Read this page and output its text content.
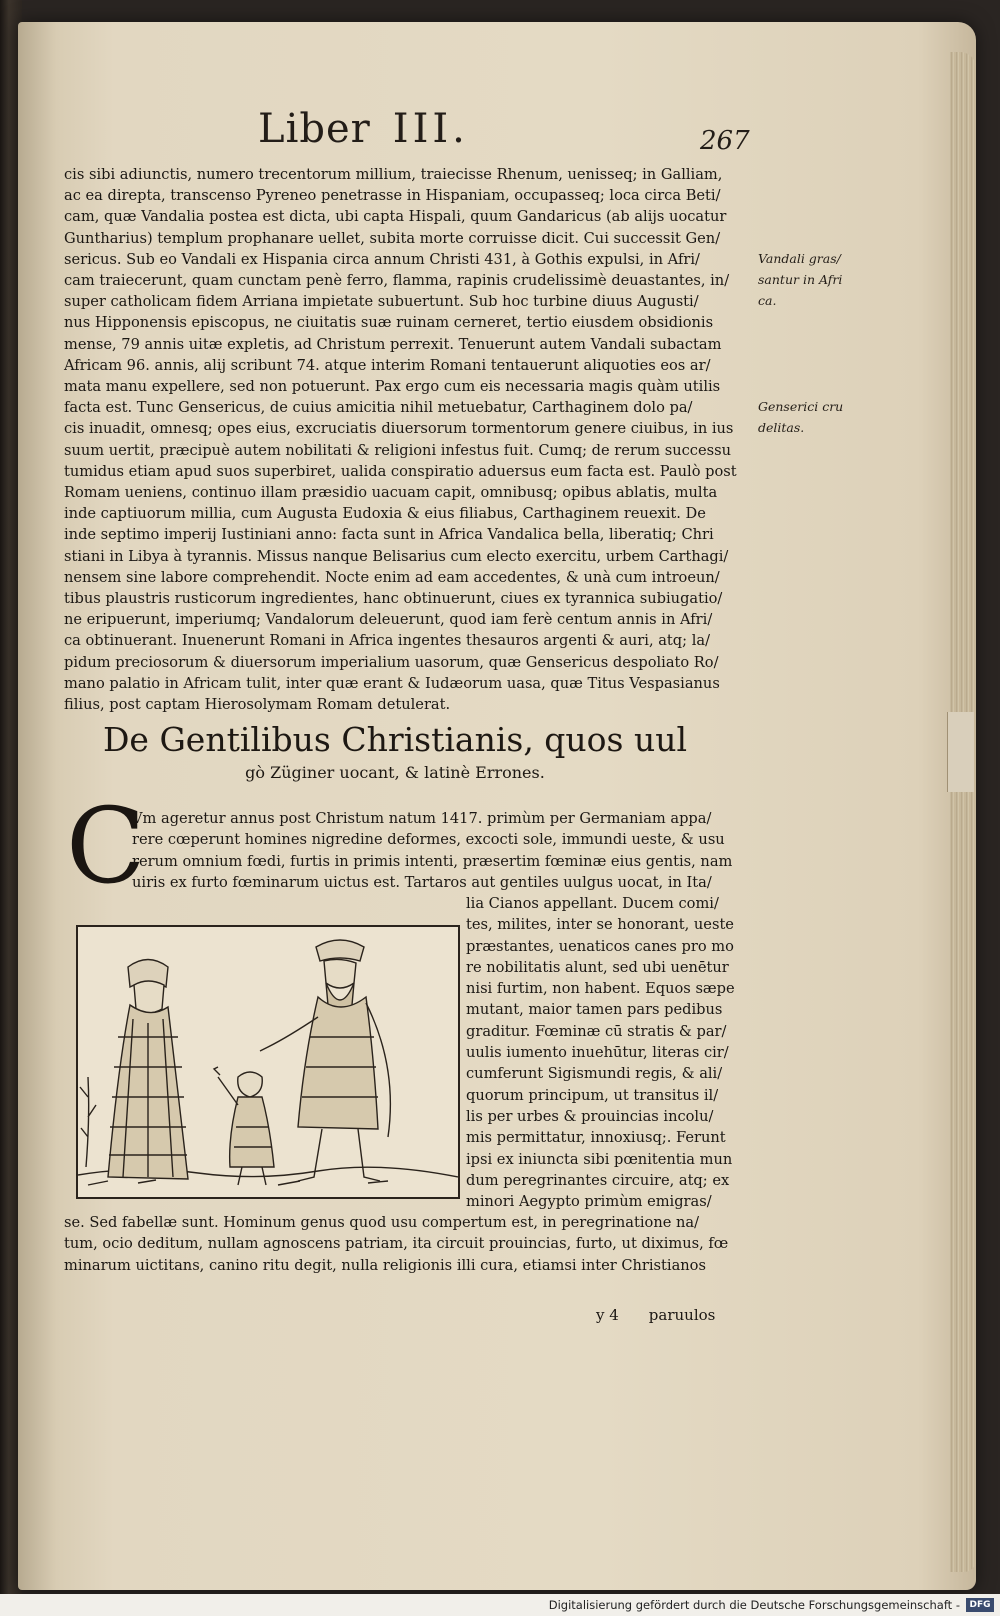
Liber III.	267
cis sibi adiunctis, numero trecentorum millium, traiecisse Rhenum, uenisseq; in Galliam,
ac ea direpta, transcenso Pyreneo penetrasse in Hispaniam, occupasseq; loca circa Beti/
cam, quæ Vandalia postea est dicta, ubi capta Hispali, quum Gandaricus (ab alijs uocatur
Guntharius) templum prophanare uellet, subita morte corruisse dicit. Cui successit Gen/
sericus. Sub eo Vandali ex Hispania circa annum Christi 431, à Gothis expulsi, in Afri/
cam traiecerunt, quam cunctam penè ferro, flamma, rapinis crudelissimè deuastantes, in/
super catholicam fidem Arriana impietate subuertunt. Sub hoc turbine diuus Augusti/
nus Hipponensis episcopus, ne ciuitatis suæ ruinam cerneret, tertio eiusdem obsidionis
mense, 79 annis uitæ expletis, ad Christum perrexit. Tenuerunt autem Vandali subactam
Africam 96. annis, alij scribunt 74. atque interim Romani tentauerunt aliquoties eos ar/
mata manu expellere, sed non potuerunt. Pax ergo cum eis necessaria magis quàm utilis
facta est. Tunc Gensericus, de cuius amicitia nihil metuebatur, Carthaginem dolo pa/
cis inuadit, omnesq; opes eius, excruciatis diuersorum tormentorum genere ciuibus, in ius
suum uertit, præcipuè autem nobilitati & religioni infestus fuit. Cumq; de rerum successu
tumidus etiam apud suos superbiret, ualida conspiratio aduersus eum facta est. Paulò post
Romam ueniens, continuo illam præsidio uacuam capit, omnibusq; opibus ablatis, multa
inde captiuorum millia, cum Augusta Eudoxia & eius filiabus, Carthaginem reuexit. De
inde septimo imperij Iustiniani anno: facta sunt in Africa Vandalica bella, liberatiq; Chri
stiani in Libya à tyrannis. Missus nanque Belisarius cum electo exercitu, urbem Carthagi/
nensem sine labore comprehendit. Nocte enim ad eam accedentes, & unà cum introeun/
tibus plaustris rusticorum ingredientes, hanc obtinuerunt, ciues ex tyrannica subiugatio/
ne eripuerunt, imperiumq; Vandalorum deleuerunt, quod iam ferè centum annis in Afri/
ca obtinuerant. Inuenerunt Romani in Africa ingentes thesauros argenti & auri, atq; la/
pidum preciosorum & diuersorum imperialium uasorum, quæ Gensericus despoliato Ro/
mano palatio in Africam tulit, inter quæ erant & Iudæorum uasa, quæ Titus Vespasianus
filius, post captam Hierosolymam Romam detulerat.
Vandali gras/
santur in Afri
ca.
Genserici cru
delitas.
De Gentilibus Christianis, quos uul
gò Züginer uocant, & latinè Errones.
C
Vm ageretur annus post Christum natum 1417. primùm per Germaniam appa/
rere cœperunt homines nigredine deformes, excocti sole, immundi ueste, & usu
rerum omnium fœdi, furtis in primis intenti, præsertim fœminæ eius gentis, nam
uiris ex furto fœminarum uictus est. Tartaros aut gentiles uulgus uocat, in Ita/
lia Cianos appellant. Ducem comi/
tes, milites, inter se honorant, ueste
præstantes, uenaticos canes pro mo
re nobilitatis alunt, sed ubi uenētur
nisi furtim, non habent. Equos sæpe
mutant, maior tamen pars pedibus
graditur. Fœminæ cū stratis & par/
uulis iumento inuehūtur, literas cir/
cumferunt Sigismundi regis, & ali/
quorum principum, ut transitus il/
lis per urbes & prouincias incolu/
mis permittatur, innoxiusq;. Ferunt
ipsi ex iniuncta sibi pœnitentia mun
dum peregrinantes circuire, atq; ex
minori Aegypto primùm emigras/
se. Sed fabellæ sunt. Hominum genus quod usu compertum est, in peregrinatione na/
tum, ocio deditum, nullam agnoscens patriam, ita circuit prouincias, furto, ut diximus, fœ
minarum uictitans, canino ritu degit, nulla religionis illi cura, etiamsi inter Christianos
y 4 paruulos
Digitalisierung gefördert durch die Deutsche Forschungsgemeinschaft -	DFG
